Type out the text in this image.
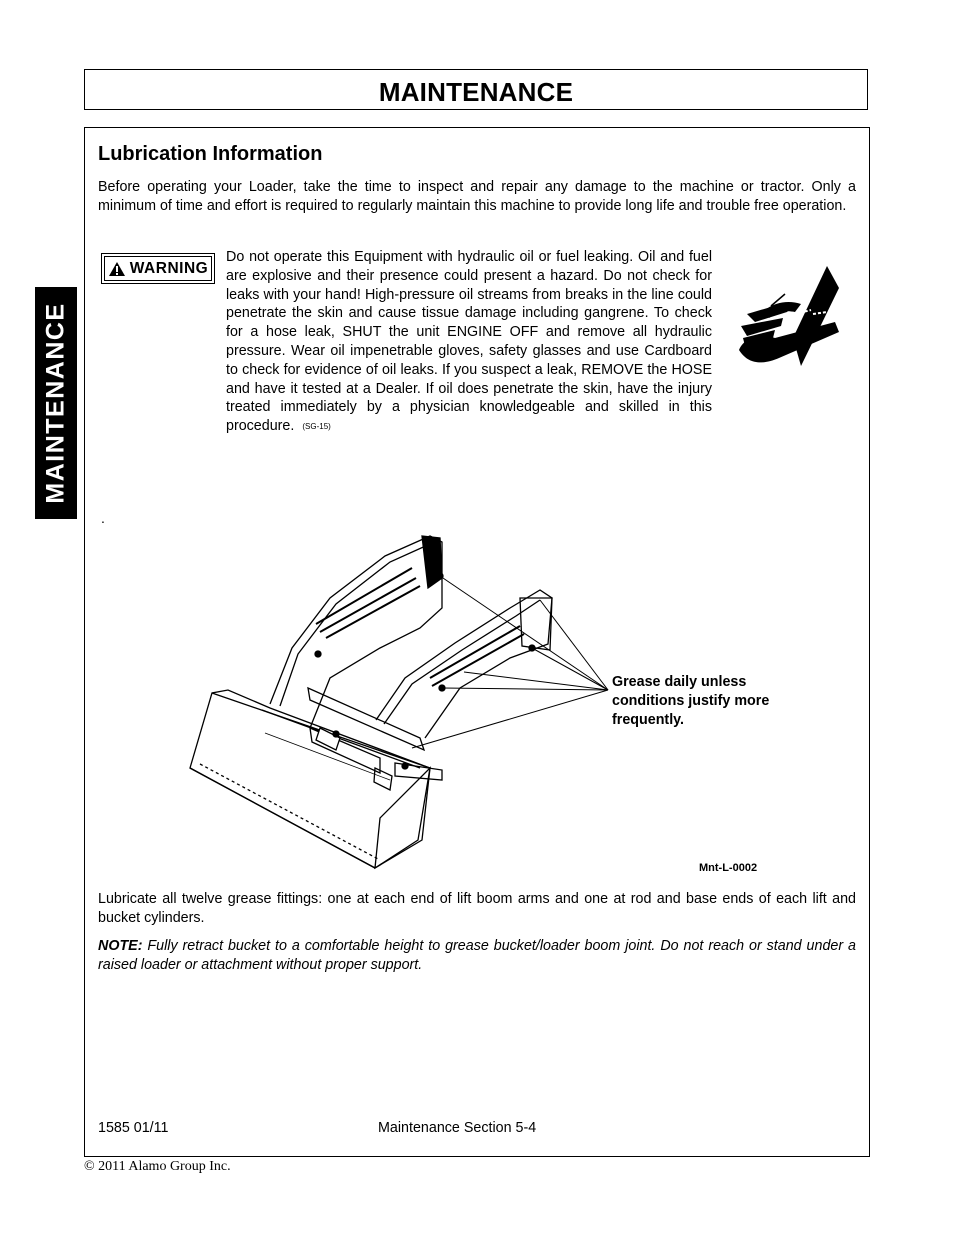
MAINTENANCE
MAINTENANCE
Lubrication Information
Before operating your Loader, take the time to inspect and repair any damage to the machine or tractor. Only a minimum of time and effort is required to regularly maintain this machine to provide long life and trouble free operation.
WARNING
Do not operate this Equipment with hydraulic oil or fuel leaking. Oil and fuel are explosive and their presence could present a hazard. Do not check for leaks with your hand! High-pressure oil streams from breaks in the line could penetrate the skin and cause tissue damage including gangrene. To check for a hose leak, SHUT the unit ENGINE OFF and remove all hydraulic pressure. Wear oil impenetrable gloves, safety glasses and use Cardboard to check for evidence of oil leaks. If you suspect a leak, REMOVE the HOSE and have it tested at a Dealer. If oil does penetrate the skin, have the injury treated immediately by a physician knowledgeable and skilled in this procedure. (SG-15)
.
Grease daily unless conditions justify more frequently.
Mnt-L-0002
Lubricate all twelve grease fittings: one at each end of lift boom arms and one at rod and base ends of each lift and bucket cylinders.
NOTE: Fully retract bucket to a comfortable height to grease bucket/loader boom joint. Do not reach or stand under a raised loader or attachment without proper support.
1585 01/11	Maintenance Section 5-4
© 2011 Alamo Group Inc.
